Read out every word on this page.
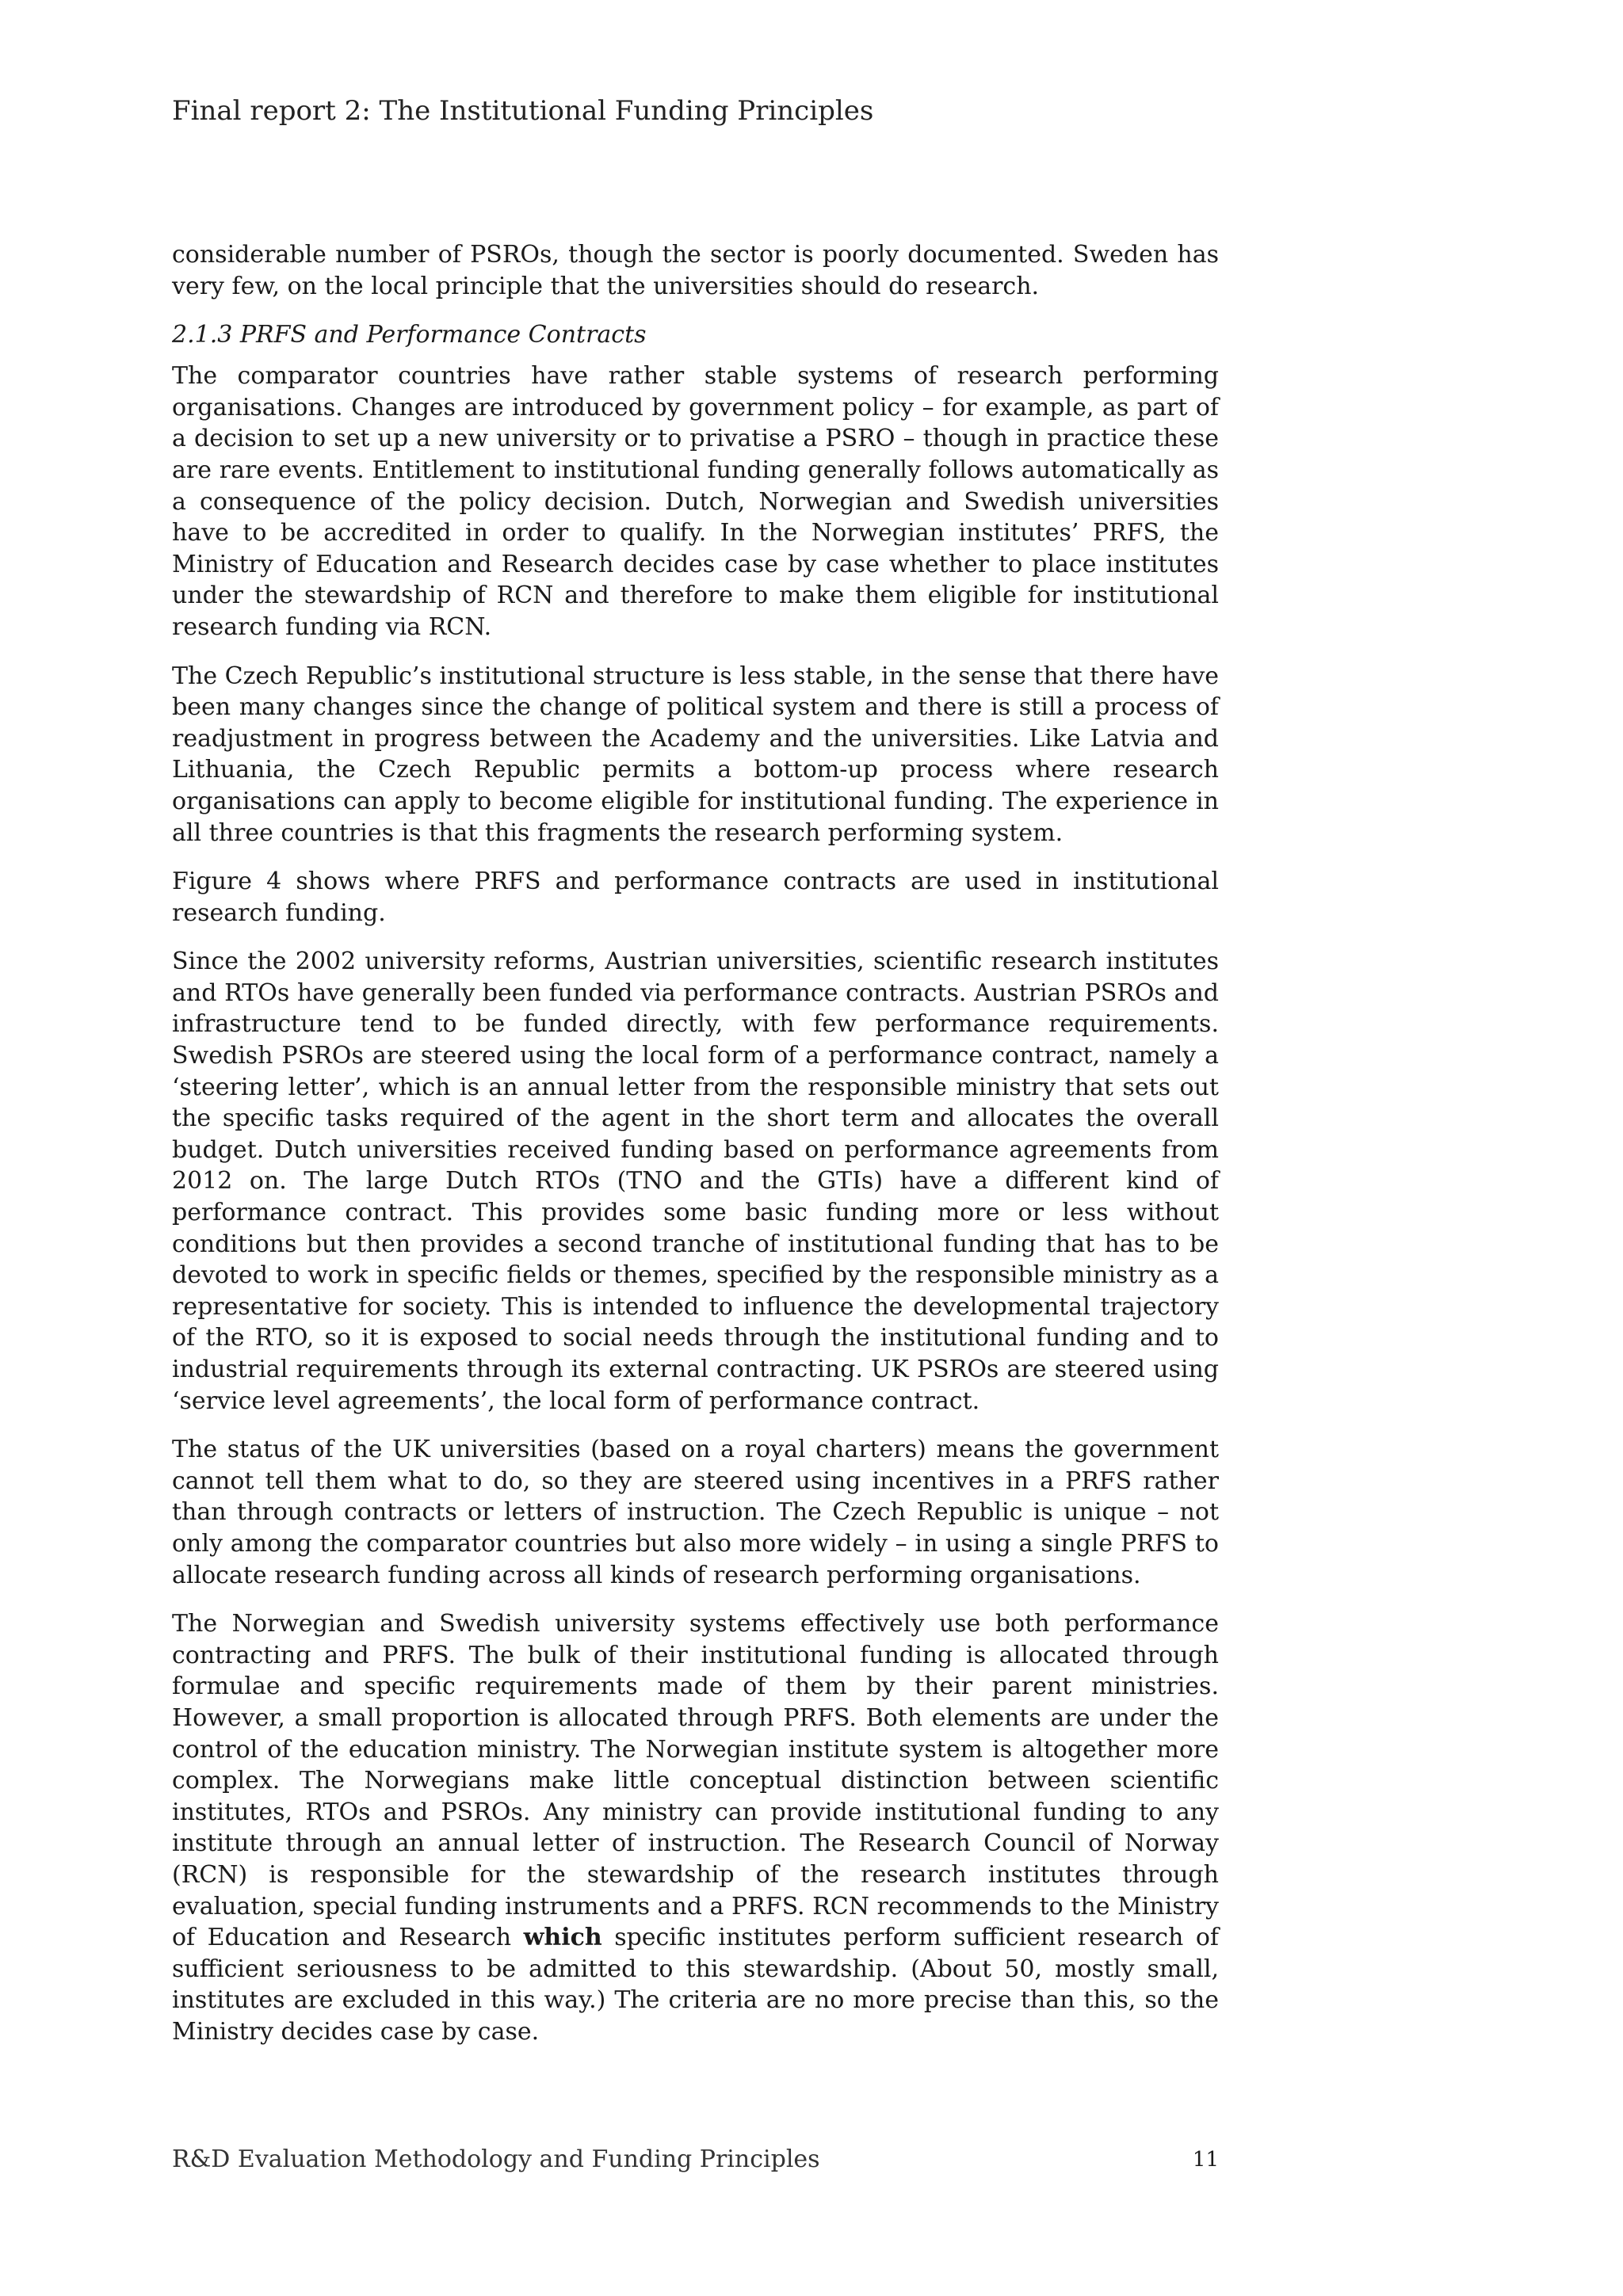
Final report 2: The Institutional Funding Principles

considerable number of PSROs, though the sector is poorly documented. Sweden has very few, on the local principle that the universities should do research.

2.1.3 PRFS and Performance Contracts

The comparator countries have rather stable systems of research performing organisations. Changes are introduced by government policy – for example, as part of a decision to set up a new university or to privatise a PSRO – though in practice these are rare events. Entitlement to institutional funding generally follows automatically as a consequence of the policy decision. Dutch, Norwegian and Swedish universities have to be accredited in order to qualify. In the Norwegian institutes’ PRFS, the Ministry of Education and Research decides case by case whether to place institutes under the stewardship of RCN and therefore to make them eligible for institutional research funding via RCN.

The Czech Republic’s institutional structure is less stable, in the sense that there have been many changes since the change of political system and there is still a process of readjustment in progress between the Academy and the universities. Like Latvia and Lithuania, the Czech Republic permits a bottom-up process where research organisations can apply to become eligible for institutional funding. The experience in all three countries is that this fragments the research performing system.

Figure 4 shows where PRFS and performance contracts are used in institutional research funding.

Since the 2002 university reforms, Austrian universities, scientific research institutes and RTOs have generally been funded via performance contracts. Austrian PSROs and infrastructure tend to be funded directly, with few performance requirements. Swedish PSROs are steered using the local form of a performance contract, namely a ‘steering letter’, which is an annual letter from the responsible ministry that sets out the specific tasks required of the agent in the short term and allocates the overall budget. Dutch universities received funding based on performance agreements from 2012 on. The large Dutch RTOs (TNO and the GTIs) have a different kind of performance contract. This provides some basic funding more or less without conditions but then provides a second tranche of institutional funding that has to be devoted to work in specific fields or themes, specified by the responsible ministry as a representative for society. This is intended to influence the developmental trajectory of the RTO, so it is exposed to social needs through the institutional funding and to industrial requirements through its external contracting. UK PSROs are steered using ‘service level agreements’, the local form of performance contract.

The status of the UK universities (based on a royal charters) means the government cannot tell them what to do, so they are steered using incentives in a PRFS rather than through contracts or letters of instruction. The Czech Republic is unique – not only among the comparator countries but also more widely – in using a single PRFS to allocate research funding across all kinds of research performing organisations.

The Norwegian and Swedish university systems effectively use both performance contracting and PRFS. The bulk of their institutional funding is allocated through formulae and specific requirements made of them by their parent ministries. However, a small proportion is allocated through PRFS. Both elements are under the control of the education ministry. The Norwegian institute system is altogether more complex. The Norwegians make little conceptual distinction between scientific institutes, RTOs and PSROs. Any ministry can provide institutional funding to any institute through an annual letter of instruction. The Research Council of Norway (RCN) is responsible for the stewardship of the research institutes through evaluation, special funding instruments and a PRFS. RCN recommends to the Ministry of Education and Research which specific institutes perform sufficient research of sufficient seriousness to be admitted to this stewardship. (About 50, mostly small, institutes are excluded in this way.) The criteria are no more precise than this, so the Ministry decides case by case.

R&D Evaluation Methodology and Funding Principles	11
